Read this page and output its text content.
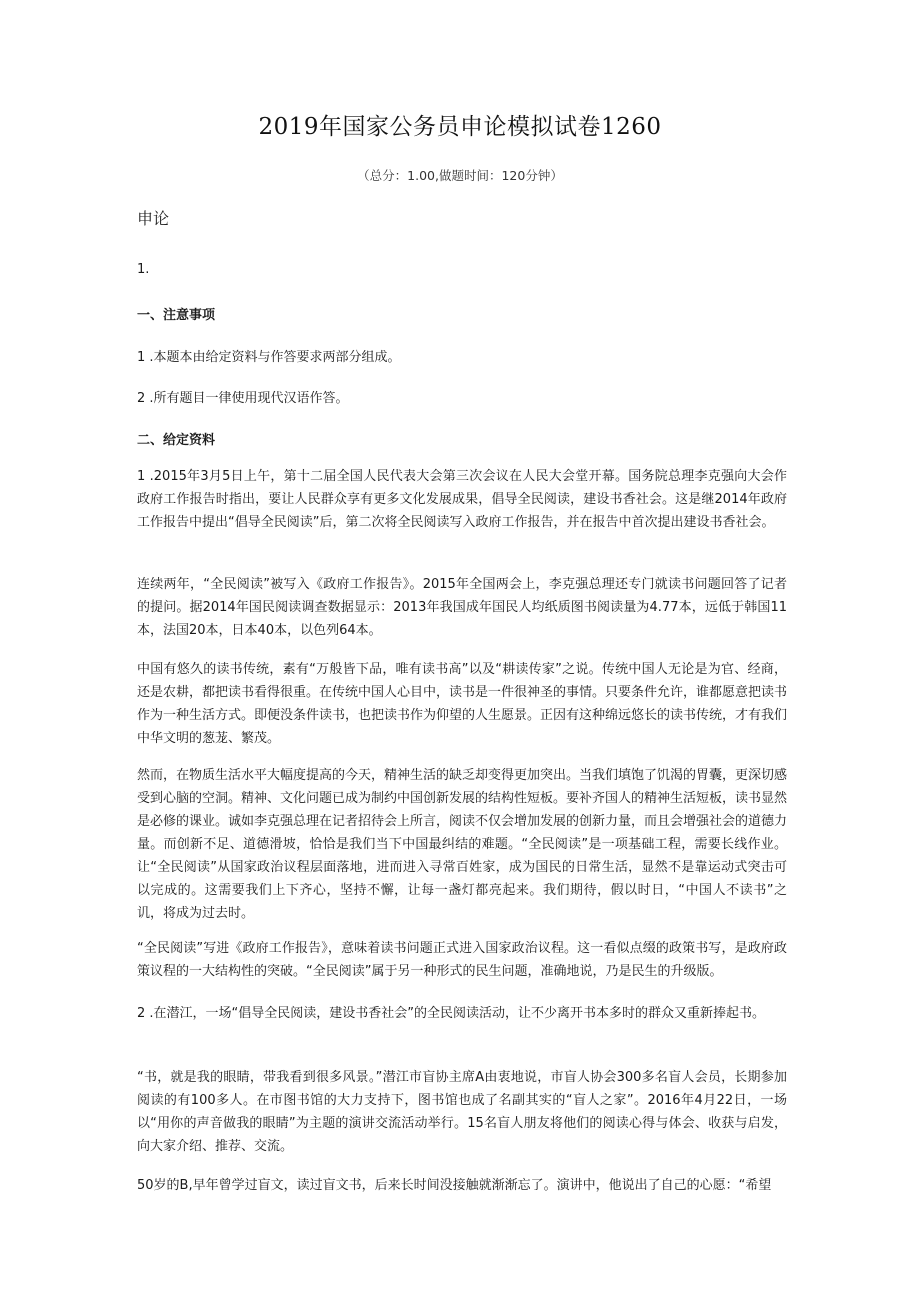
2019年国家公务员申论模拟试卷1260
（总分：1.00,做题时间：120分钟）
申论
1.
一、注意事项
1 .本题本由给定资料与作答要求两部分组成。
2 .所有题目一律使用现代汉语作答。
二、给定资料
1 .2015年3月5日上午，第十二届全国人民代表大会第三次会议在人民大会堂开幕。国务院总理李克强向大会作政府工作报告时指出，要让人民群众享有更多文化发展成果，倡导全民阅读，建设书香社会。这是继2014年政府工作报告中提出“倡导全民阅读”后，第二次将全民阅读写入政府工作报告，并在报告中首次提出建设书香社会。
连续两年，“全民阅读”被写入《政府工作报告》。2015年全国两会上，李克强总理还专门就读书问题回答了记者的提问。据2014年国民阅读调查数据显示：2013年我国成年国民人均纸质图书阅读量为4.77本，远低于韩国11本，法国20本，日本40本，以色列64本。
中国有悠久的读书传统，素有“万般皆下品，唯有读书高”以及“耕读传家”之说。传统中国人无论是为官、经商，还是农耕，都把读书看得很重。在传统中国人心目中，读书是一件很神圣的事情。只要条件允许，谁都愿意把读书作为一种生活方式。即便没条件读书，也把读书作为仰望的人生愿景。正因有这种绵远悠长的读书传统，才有我们中华文明的葱茏、繁茂。
然而，在物质生活水平大幅度提高的今天，精神生活的缺乏却变得更加突出。当我们填饱了饥渴的胃囊，更深切感受到心脑的空洞。精神、文化问题已成为制约中国创新发展的结构性短板。要补齐国人的精神生活短板，读书显然是必修的课业。诚如李克强总理在记者招待会上所言，阅读不仅会增加发展的创新力量，而且会增强社会的道德力量。而创新不足、道德滑坡，恰恰是我们当下中国最纠结的难题。“全民阅读”是一项基础工程，需要长线作业。让“全民阅读”从国家政治议程层面落地，进而进入寻常百姓家，成为国民的日常生活，显然不是靠运动式突击可以完成的。这需要我们上下齐心，坚持不懈，让每一盏灯都亮起来。我们期待，假以时日，“中国人不读书”之讥，将成为过去时。
“全民阅读”写进《政府工作报告》，意味着读书问题正式进入国家政治议程。这一看似点缀的政策书写，是政府政策议程的一大结构性的突破。“全民阅读”属于另一种形式的民生问题，准确地说，乃是民生的升级版。
2 .在潜江，一场“倡导全民阅读，建设书香社会”的全民阅读活动，让不少离开书本多时的群众又重新捧起书。
“书，就是我的眼睛，带我看到很多风景。”潜江市盲协主席A由衷地说，市盲人协会300多名盲人会员，长期参加阅读的有100多人。在市图书馆的大力支持下，图书馆也成了名副其实的“盲人之家”。2016年4月22日，一场以“用你的声音做我的眼睛”为主题的演讲交流活动举行。15名盲人朋友将他们的阅读心得与体会、收获与启发，向大家介绍、推荐、交流。
50岁的B,早年曾学过盲文，读过盲文书，后来长时间没接触就渐渐忘了。演讲中，他说出了自己的心愿：“希望
